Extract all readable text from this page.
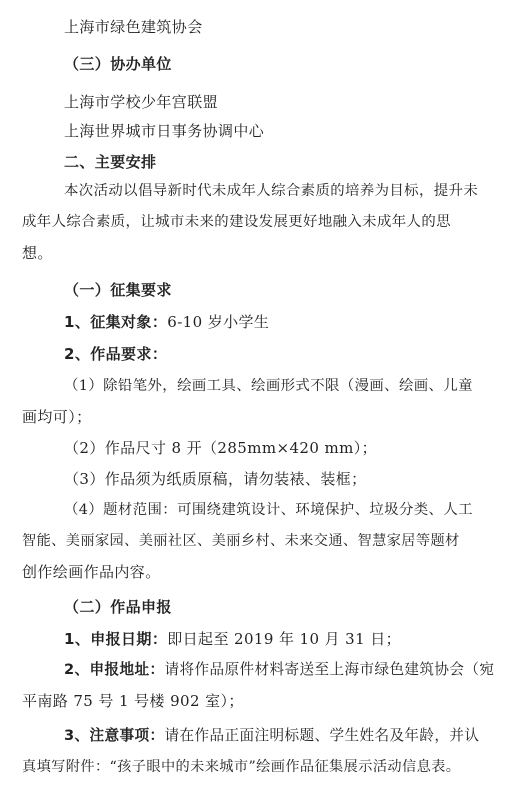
上海市绿色建筑协会
（三）协办单位
上海市学校少年宫联盟
上海世界城市日事务协调中心
二、主要安排
本次活动以倡导新时代未成年人综合素质的培养为目标，提升未
成年人综合素质，让城市未来的建设发展更好地融入未成年人的思
想。
（一）征集要求
1、征集对象：6-10 岁小学生
2、作品要求：
（1）除铅笔外，绘画工具、绘画形式不限（漫画、绘画、儿童
画均可）；
（2）作品尺寸 8 开（285mm×420 mm）；
（3）作品须为纸质原稿，请勿装裱、装框；
（4）题材范围：可围绕建筑设计、环境保护、垃圾分类、人工
智能、美丽家园、美丽社区、美丽乡村、未来交通、智慧家居等题材
创作绘画作品内容。
（二）作品申报
1、申报日期：即日起至 2019 年 10 月 31 日；
2、申报地址：请将作品原件材料寄送至上海市绿色建筑协会（宛
平南路 75 号 1 号楼 902 室）；
3、注意事项：请在作品正面注明标题、学生姓名及年龄，并认
真填写附件：“孩子眼中的未来城市”绘画作品征集展示活动信息表。
